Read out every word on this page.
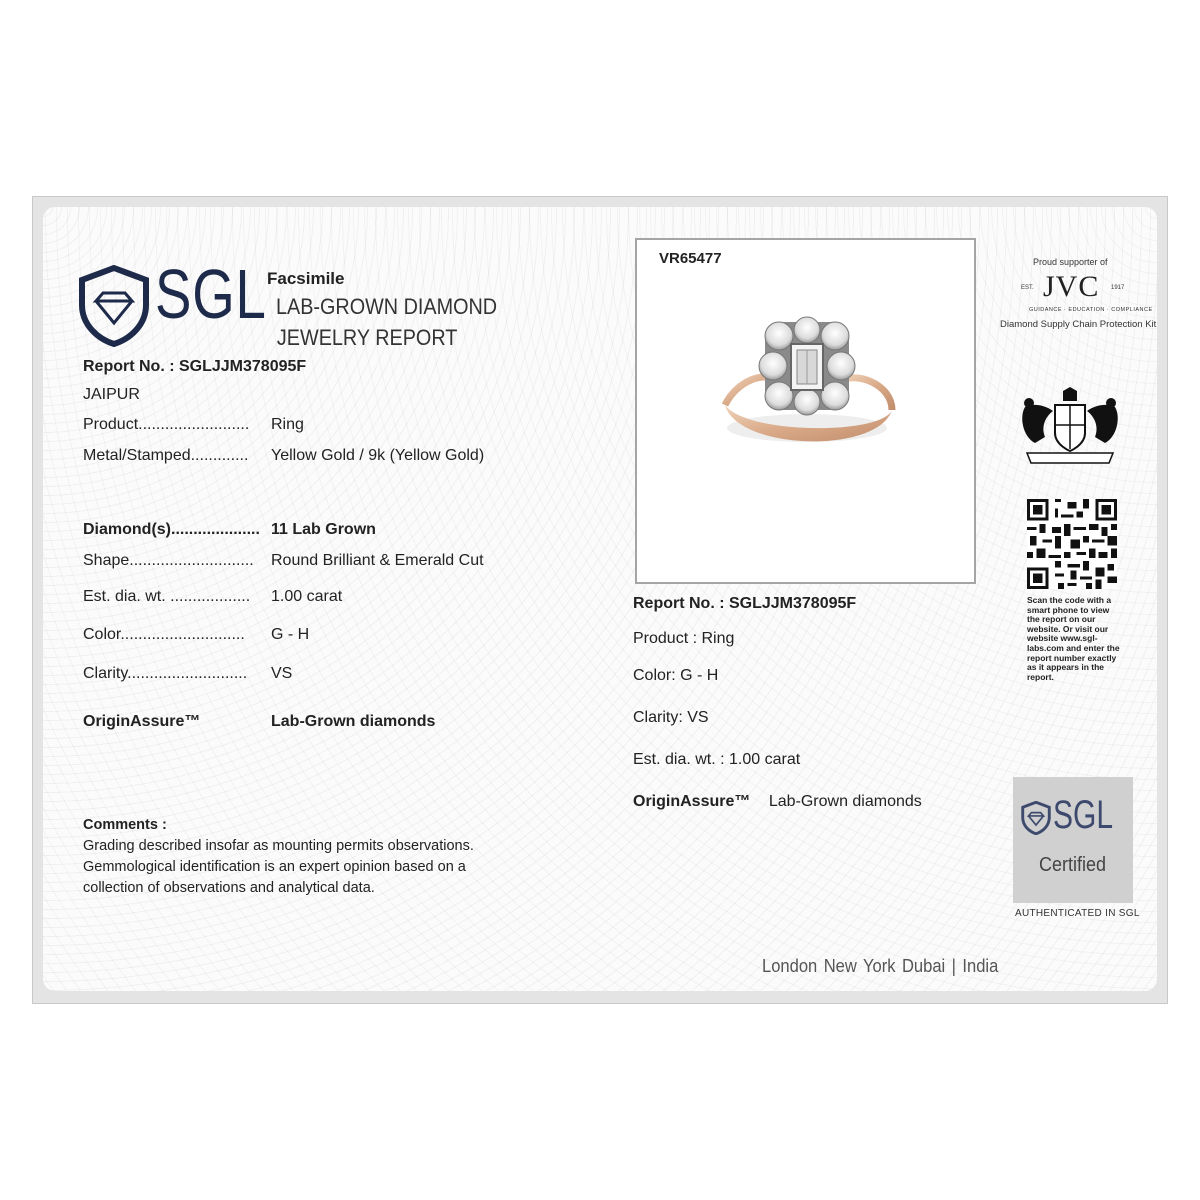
SGL Facsimile
LAB-GROWN DIAMOND
JEWELRY REPORT
Report No. : SGLJJM378095F
JAIPUR
Product......................... Ring
Metal/Stamped............. Yellow Gold / 9k (Yellow Gold)
Diamond(s).................... 11 Lab Grown
Shape............................ Round Brilliant & Emerald Cut
Est. dia. wt. .................. 1.00 carat
Color............................ G - H
Clarity........................... VS
OriginAssure™	Lab-Grown diamonds
Comments :
Grading described insofar as mounting permits observations.
Gemmological identification is an expert opinion based on a
collection of observations and analytical data.
VR65477
Report No. : SGLJJM378095F
Product : Ring
Color: G - H
Clarity: VS
Est. dia. wt. : 1.00 carat
OriginAssure™ Lab-Grown diamonds
Proud supporter of
EST. JVC 1917
GUIDANCE · EDUCATION · COMPLIANCE
Diamond Supply Chain Protection Kit
Scan the code with a smart phone to view the report on our website. Or visit our website www.sgl-labs.com and enter the report number exactly as it appears in the report.
SGL
Certified
AUTHENTICATED IN SGL
London New York Dubai | India
